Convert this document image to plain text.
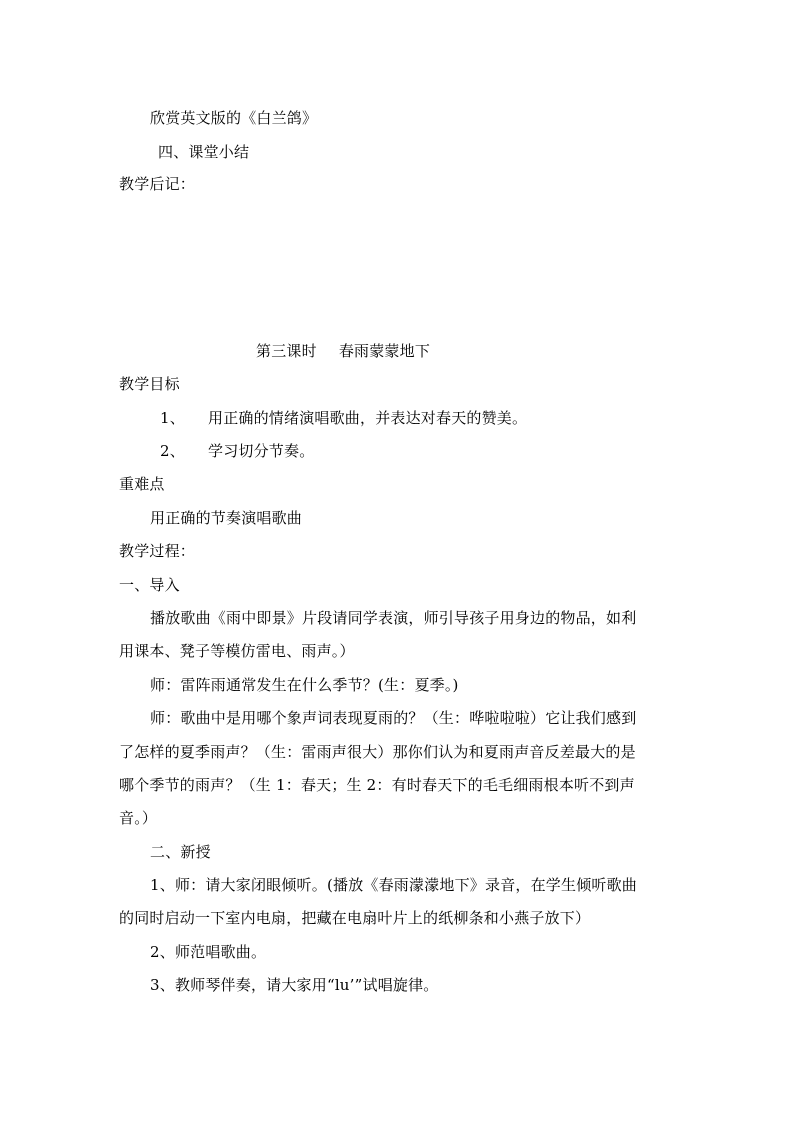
欣赏英文版的《白兰鸽》
四、课堂小结
教学后记：
第三课时 春雨蒙蒙地下
教学目标
1、 用正确的情绪演唱歌曲，并表达对春天的赞美。
2、 学习切分节奏。
重难点
用正确的节奏演唱歌曲
教学过程：
一、导入
播放歌曲《雨中即景》片段请同学表演，师引导孩子用身边的物品，如利
用课本、凳子等模仿雷电、雨声。）
师：雷阵雨通常发生在什么季节？(生：夏季。)
师：歌曲中是用哪个象声词表现夏雨的？（生：哗啦啦啦）它让我们感到
了怎样的夏季雨声？（生：雷雨声很大）那你们认为和夏雨声音反差最大的是
哪个季节的雨声？（生 1：春天；生 2：有时春天下的毛毛细雨根本听不到声
音。）
二、新授
1、师：请大家闭眼倾听。(播放《春雨濛濛地下》录音，在学生倾听歌曲
的同时启动一下室内电扇，把藏在电扇叶片上的纸柳条和小燕子放下）
2、师范唱歌曲。
3、教师琴伴奏，请大家用“lu’”试唱旋律。
